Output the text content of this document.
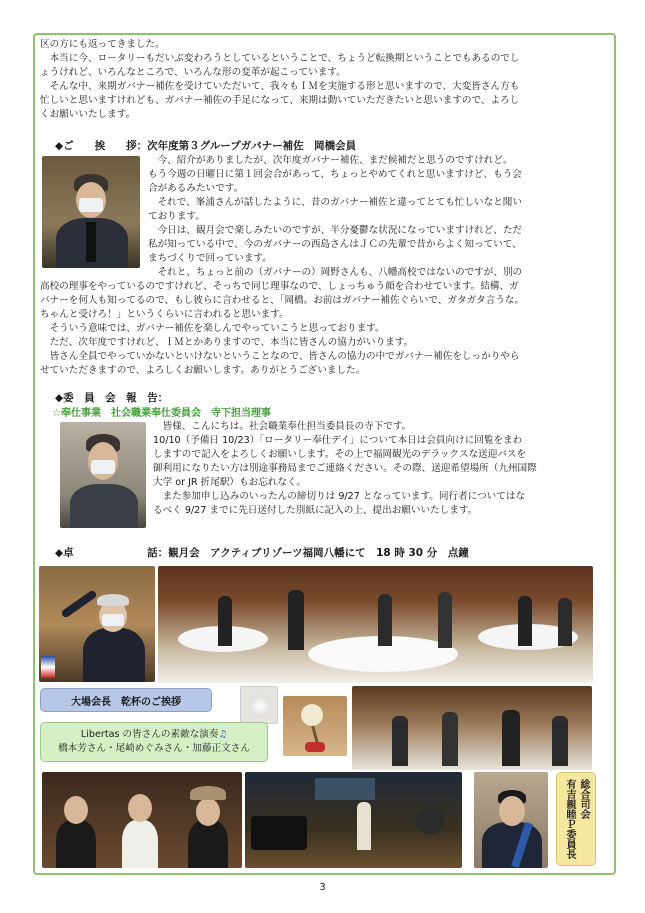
区の方にも返ってきました。
　本当に今、ロータリーもだいぶ変わろうとしているということで、ちょうど転換期ということでもあるのでし
ょうけれど、いろんなところで、いろんな形の変革が起こっています。
　そんな中、来期ガバナー補佐を受けていただいて、我々もＩＭを実施する形と思いますので、大変皆さん方も
忙しいと思いますけれども、ガバナー補佐の手足になって、来期は動いていただきたいと思いますので、よろし
くお願いいたします。
◆ご　　挨　　拶：次年度第３グループガバナー補佐　岡橋会員
　今、紹介がありましたが、次年度ガバナー補佐、まだ候補だと思うのですけれど。
もう今週の日曜日に第１回会合があって、ちょっとやめてくれと思いますけど、もう会
合があるみたいです。
　それで、峯浦さんが話したように、昔のガバナー補佐と違ってとても忙しいなと聞い
ております。
　今日は、観月会で楽しみたいのですが、半分憂鬱な状況になっていますけれど、ただ
私が知っている中で、今のガバナーの西島さんはＪＣの先輩で昔からよく知っていて、
まちづくりで回っています。
　それと、ちょっと前の（ガバナーの）岡野さんも、八幡高校ではないのですが、別の
高校の理事をやっているのですけれど、そっちで同じ理事なので、しょっちゅう顔を合わせています。結構、ガ
バナーを何人も知ってるので、もし彼らに言わせると、「岡橋。お前はガバナー補佐ぐらいで、ガタガタ言うな。
ちゃんと受けろ！」というくらいに言われると思います。
　そういう意味では、ガバナー補佐を楽しんでやっていこうと思っております。
　ただ、次年度ですけれど、ＩＭとかありますので、本当に皆さんの協力がいります。
　皆さん全員でやっていかないといけないということなので、皆さんの協力の中でガバナー補佐をしっかりやら
せていただきますので、よろしくお願いします。ありがとうございました。
◆委　員　会　報　告：
☆奉仕事業　社会職業奉仕委員会　寺下担当理事
　皆様、こんにちは。社会職業奉仕担当委員長の寺下です。
10/10（予備日 10/23）「ロータリー奉仕デイ」について本日は会員向けに回覧をまわ
しますので記入をよろしくお願いします。その上で福岡観光のデラックスな送迎バスを
御利用になりたい方は別途事務局までご連絡ください。その際、送迎希望場所（九州国際
大学 or JR 折尾駅）もお忘れなく。
　また参加申し込みのいったんの締切りは 9/27 となっています。同行者についてはな
るべく 9/27 までに先日送付した別紙に記入の上、提出お願いいたします。
◆卓　　　　　　　話：観月会　アクティブリゾーツ福岡八幡にて　18 時 30 分　点鐘
大場会長　乾杯のご挨拶
Libertas の皆さんの素敵な演奏♫
橋本芳さん・尾崎めぐみさん・加藤正文さん
総合司会
有吉親睦Ｐ委員長
3
